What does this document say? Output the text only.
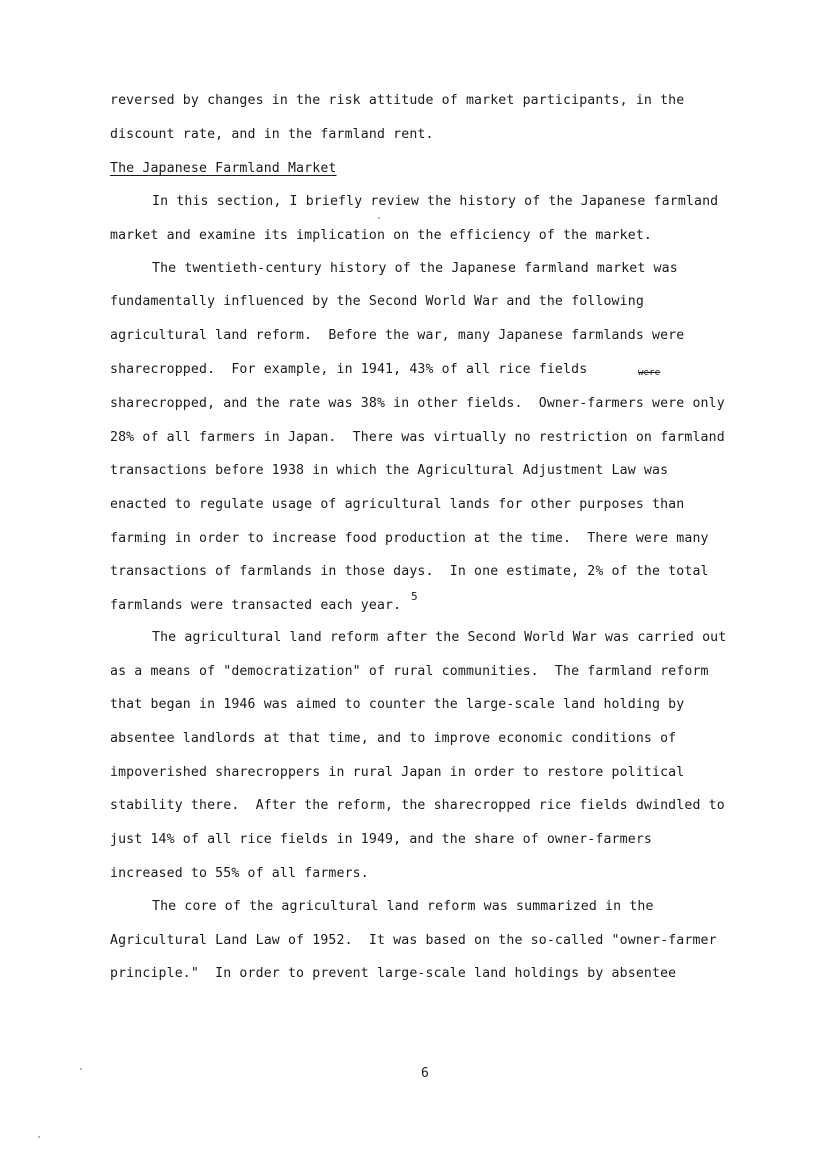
reversed by changes in the risk attitude of market participants, in the
discount rate, and in the farmland rent.
The Japanese Farmland Market
In this section, I briefly review the history of the Japanese farmland
market and examine its implication on the efficiency of the market.
The twentieth-century history of the Japanese farmland market was
fundamentally influenced by the Second World War and the following
agricultural land reform.  Before the war, many Japanese farmlands were
sharecropped.  For example, in 1941, 43% of all rice fields	were
sharecropped, and the rate was 38% in other fields.  Owner-farmers were only
28% of all farmers in Japan.  There was virtually no restriction on farmland
transactions before 1938 in which the Agricultural Adjustment Law was
enacted to regulate usage of agricultural lands for other purposes than
farming in order to increase food production at the time.  There were many
transactions of farmlands in those days.  In one estimate, 2% of the total
farmlands were transacted each year.
5
The agricultural land reform after the Second World War was carried out
as a means of "democratization" of rural communities.  The farmland reform
that began in 1946 was aimed to counter the large-scale land holding by
absentee landlords at that time, and to improve economic conditions of
impoverished sharecroppers in rural Japan in order to restore political
stability there.  After the reform, the sharecropped rice fields dwindled to
just 14% of all rice fields in 1949, and the share of owner-farmers
increased to 55% of all farmers.
The core of the agricultural land reform was summarized in the
Agricultural Land Law of 1952.  It was based on the so-called "owner-farmer
principle."  In order to prevent large-scale land holdings by absentee
6
